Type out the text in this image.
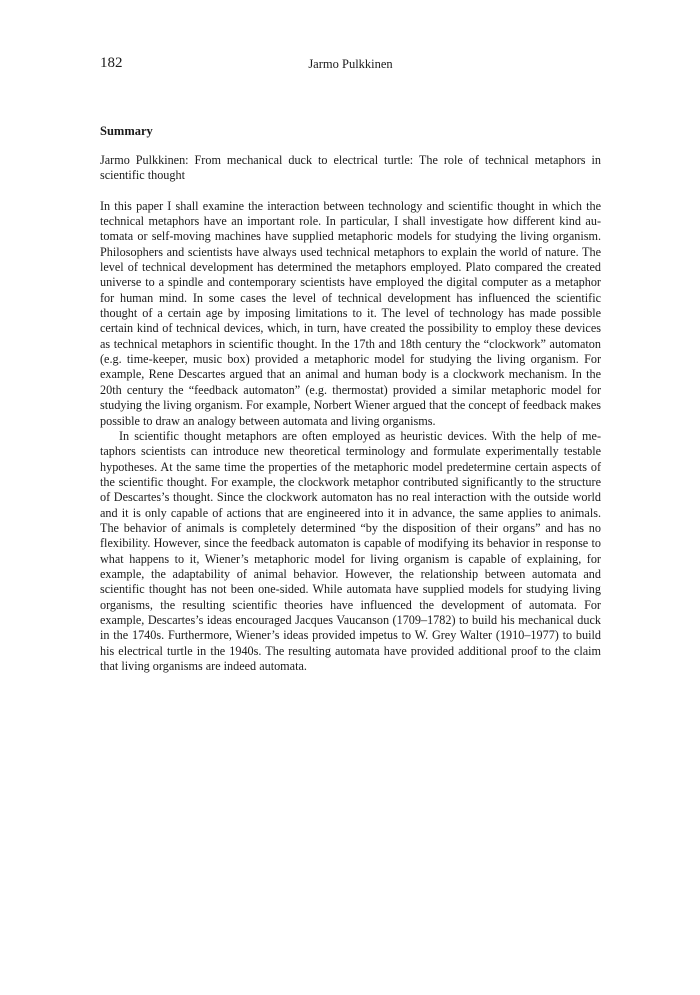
182	Jarmo Pulkkinen
Summary

Jarmo Pulkkinen: From mechanical duck to electrical turtle: The role of technical metaphors in scientific thought

In this paper I shall examine the interaction between technology and scientific thought in which the technical metaphors have an important role. In particular, I shall investigate how different kind automata or self-moving machines have supplied metaphoric models for studying the living organism. Philosophers and scientists have always used technical metaphors to explain the world of nature. The level of technical development has determined the metaphors employed. Plato compared the created universe to a spindle and contemporary scientists have employed the digital computer as a metaphor for human mind. In some cases the level of technical development has influenced the scientific thought of a certain age by imposing limitations to it. The level of technology has made possible certain kind of technical devices, which, in turn, have created the possibility to employ these devices as technical metaphors in scientific thought. In the 17th and 18th century the “clockwork” automaton (e.g. time-keeper, music box) provided a metaphoric model for studying the living organism. For example, Rene Descartes argued that an animal and human body is a clockwork mechanism. In the 20th century the “feedback automaton” (e.g. thermostat) provided a similar metaphoric model for studying the living organism. For example, Norbert Wiener argued that the concept of feedback makes possible to draw an analogy between automata and living organisms.

In scientific thought metaphors are often employed as heuristic devices. With the help of metaphors scientists can introduce new theoretical terminology and formulate experimentally testable hypotheses. At the same time the properties of the metaphoric model predetermine certain aspects of the scientific thought. For example, the clockwork metaphor contributed significantly to the structure of Descartes’s thought. Since the clockwork automaton has no real interaction with the outside world and it is only capable of actions that are engineered into it in advance, the same applies to animals. The behavior of animals is completely determined “by the disposition of their organs” and has no flexibility. However, since the feedback automaton is capable of modifying its behavior in response to what happens to it, Wiener’s metaphoric model for living organism is capable of explaining, for example, the adaptability of animal behavior. However, the relationship between automata and scientific thought has not been one-sided. While automata have supplied models for studying living organisms, the resulting scientific theories have influenced the development of automata. For example, Descartes’s ideas encouraged Jacques Vaucanson (1709–1782) to build his mechanical duck in the 1740s. Furthermore, Wiener’s ideas provided impetus to W. Grey Walter (1910–1977) to build his electrical turtle in the 1940s. The resulting automata have provided additional proof to the claim that living organisms are indeed automata.
